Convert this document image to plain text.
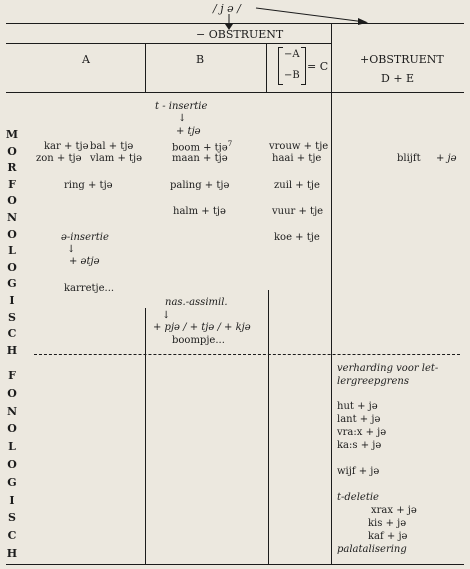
/ j ə /
− OBSTRUENT
A	B	−A
−B
= C
+OBSTRUENT
D + E
M
O
R
F
O
N
O
L
O
G
I
S
C
H
F
O
N
O
L
O
G
I
S
C
H
kar + tjə bal + tjə
zon + tjə vlam + tjə
ring + tjə
ə-insertie
↓
+ ətjə
karretje...
t - insertie
↓
+ tjə
boom + tjə$^7$
maan + tjə
paling + tjə
halm + tjə
nas.-assimil.
↓
+ pjə / + tjə / + kjə
boompje...
vrouw + tje
haai + tje
zuil + tje
vuur + tje
koe + tje
blijft + jə
verharding voor let-
lergreepgrens
hut + jə
lant + jə
vra:x + jə
ka:s + jə
wijf + jə
t-deletie
xrax + jə
kis + jə
kaf + jə
palatalisering
